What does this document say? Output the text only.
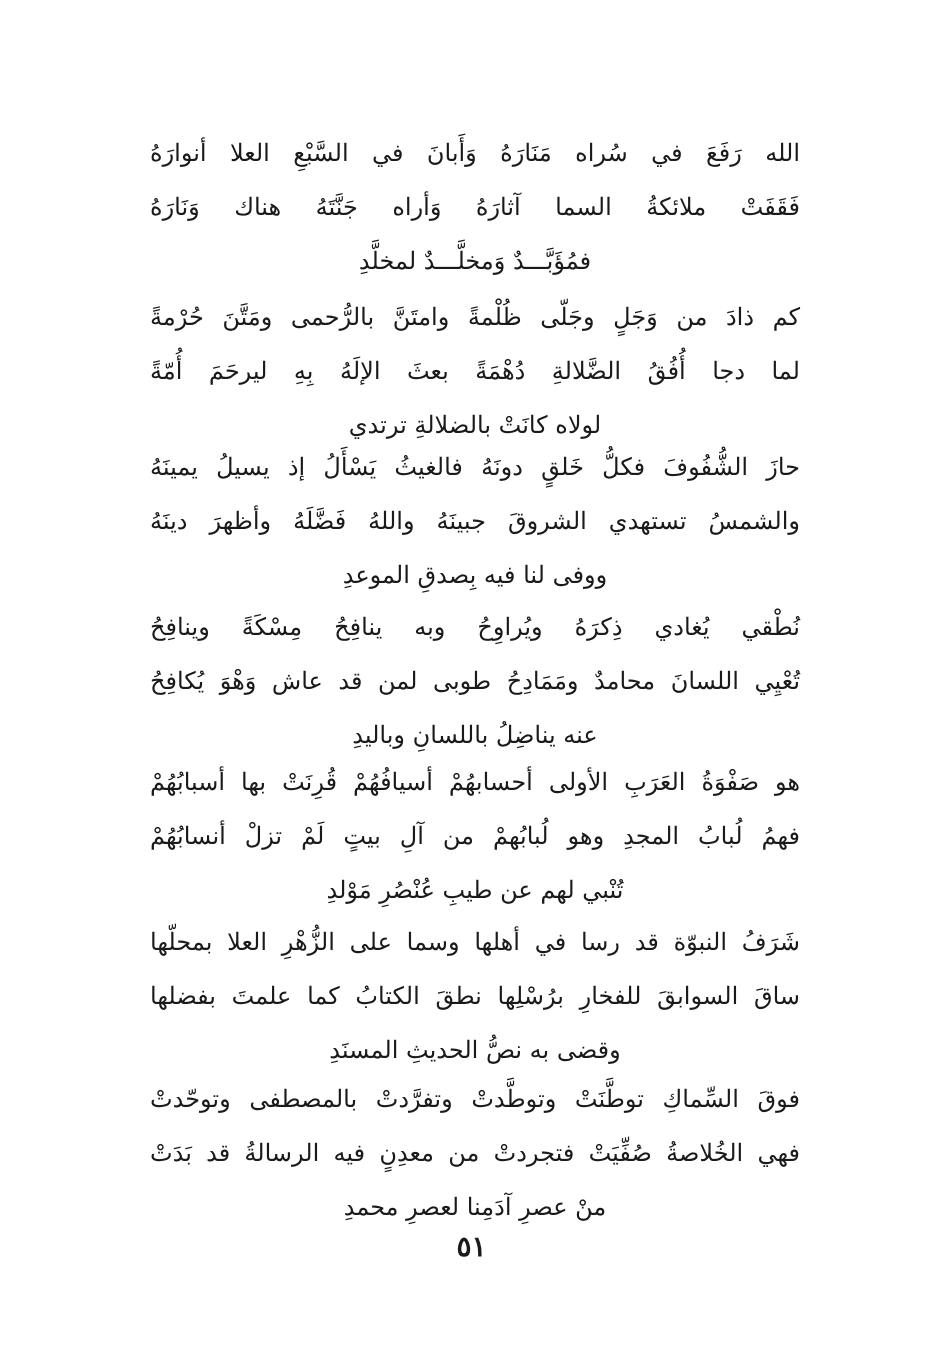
الله رَفَعَ في سُراه مَنَارَهُ وَأَبانَ في السَّبْعِ العلا أنوارَهُ
فَقَفَتْ ملائكةُ السما آثارَهُ وَأراه جَنَّتَهُ هناك وَنَارَهُ
فمُؤَبَّـــدٌ وَمخلَّـــدٌ لمخلَّدِ
كم ذادَ من وَجَلٍ وجَلّى ظُلْمةً وامتَنَّ بالرُّحمى ومَتَّنَ حُرْمةً
لما دجا أُفُقُ الضَّلالةِ دُهْمَةً بعثَ الإلَهُ بِهِ ليرحَمَ أُمّةً
لولاه كانَتْ بالضلالةِ ترتدي
حازَ الشُّفُوفَ فكلُّ خَلقٍ دونَهُ فالغيثُ يَسْأَلُ إذ يسيلُ يمينَهُ
والشمسُ تستهدي الشروقَ جبينَهُ واللهُ فَضَّلَهُ وأظهرَ دينَهُ
ووفى لنا فيه بِصدقِ الموعدِ
نُطْقي يُغادي ذِكرَهُ ويُراوِحُ وبه ينافِحُ مِسْكَةً وينافِحُ
تُعْيِي اللسانَ محامدٌ ومَمَادِحُ طوبى لمن قد عاش وَهْوَ يُكافِحُ
عنه يناضِلُ باللسانِ وباليدِ
هو صَفْوَةُ العَرَبِ الأولى أحسابهُمْ أسيافُهُمْ قُرِنَتْ بها أسبابُهُمْ
فهمُ لُبابُ المجدِ وهو لُبابُهمْ من آلِ بيتٍ لَمْ تزلْ أنسابُهُمْ
تُنْبي لهم عن طيبِ عُنْصُرِ مَوْلدِ
شَرَفُ النبوّة قد رسا في أهلها وسما على الزُّهْرِ العلا بمحلّها
ساقَ السوابقَ للفخارِ برُسْلِها نطقَ الكتابُ كما علمتَ بفضلها
وقضى به نصُّ الحديثِ المسنَدِ
فوقَ السِّماكِ توطَّنَتْ وتوطَّدتْ وتفرَّدتْ بالمصطفى وتوحّدتْ
فهي الخُلاصةُ صُفِّيَتْ فتجردتْ من معدِنٍ فيه الرسالةُ قد بَدَتْ
منْ عصرِ آدَمِنا لعصرِ محمدِ
٥١
